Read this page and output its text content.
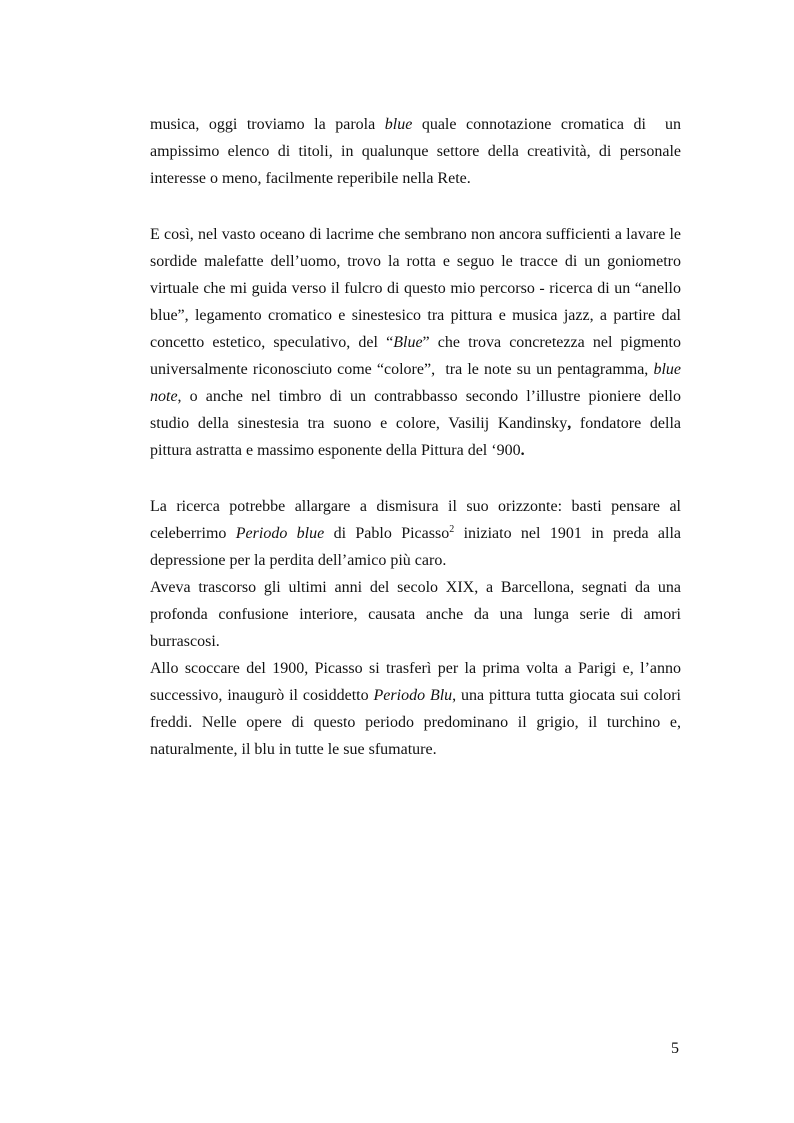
musica, oggi troviamo la parola blue quale connotazione cromatica di  un
ampissimo elenco di titoli, in qualunque settore della creatività, di personale
interesse o meno, facilmente reperibile nella Rete.
E così, nel vasto oceano di lacrime che sembrano non ancora sufficienti a lavare le
sordide malefatte dell’uomo, trovo la rotta e seguo le tracce di un goniometro
virtuale che mi guida verso il fulcro di questo mio percorso - ricerca di un “anello
blue”, legamento cromatico e sinestesico tra pittura e musica jazz, a partire dal
concetto estetico, speculativo, del “Blue” che trova concretezza nel pigmento
universalmente riconosciuto come “colore”,  tra le note su un pentagramma, blue
note, o anche nel timbro di un contrabbasso secondo l’illustre pioniere dello
studio della sinestesia tra suono e colore, Vasilij Kandinsky, fondatore della
pittura astratta e massimo esponente della Pittura del ‘900.
La ricerca potrebbe allargare a dismisura il suo orizzonte: basti pensare al
celeberrimo Periodo blue di Pablo Picasso$^2$ iniziato nel 1901 in preda alla
depressione per la perdita dell’amico più caro.
Aveva trascorso gli ultimi anni del secolo XIX, a Barcellona, segnati da una
profonda confusione interiore, causata anche da una lunga serie di amori
burrascosi.
Allo scoccare del 1900, Picasso si trasferì per la prima volta a Parigi e, l’anno
successivo, inaugurò il cosiddetto Periodo Blu, una pittura tutta giocata sui colori
freddi. Nelle opere di questo periodo predominano il grigio, il turchino e,
naturalmente, il blu in tutte le sue sfumature.
5
